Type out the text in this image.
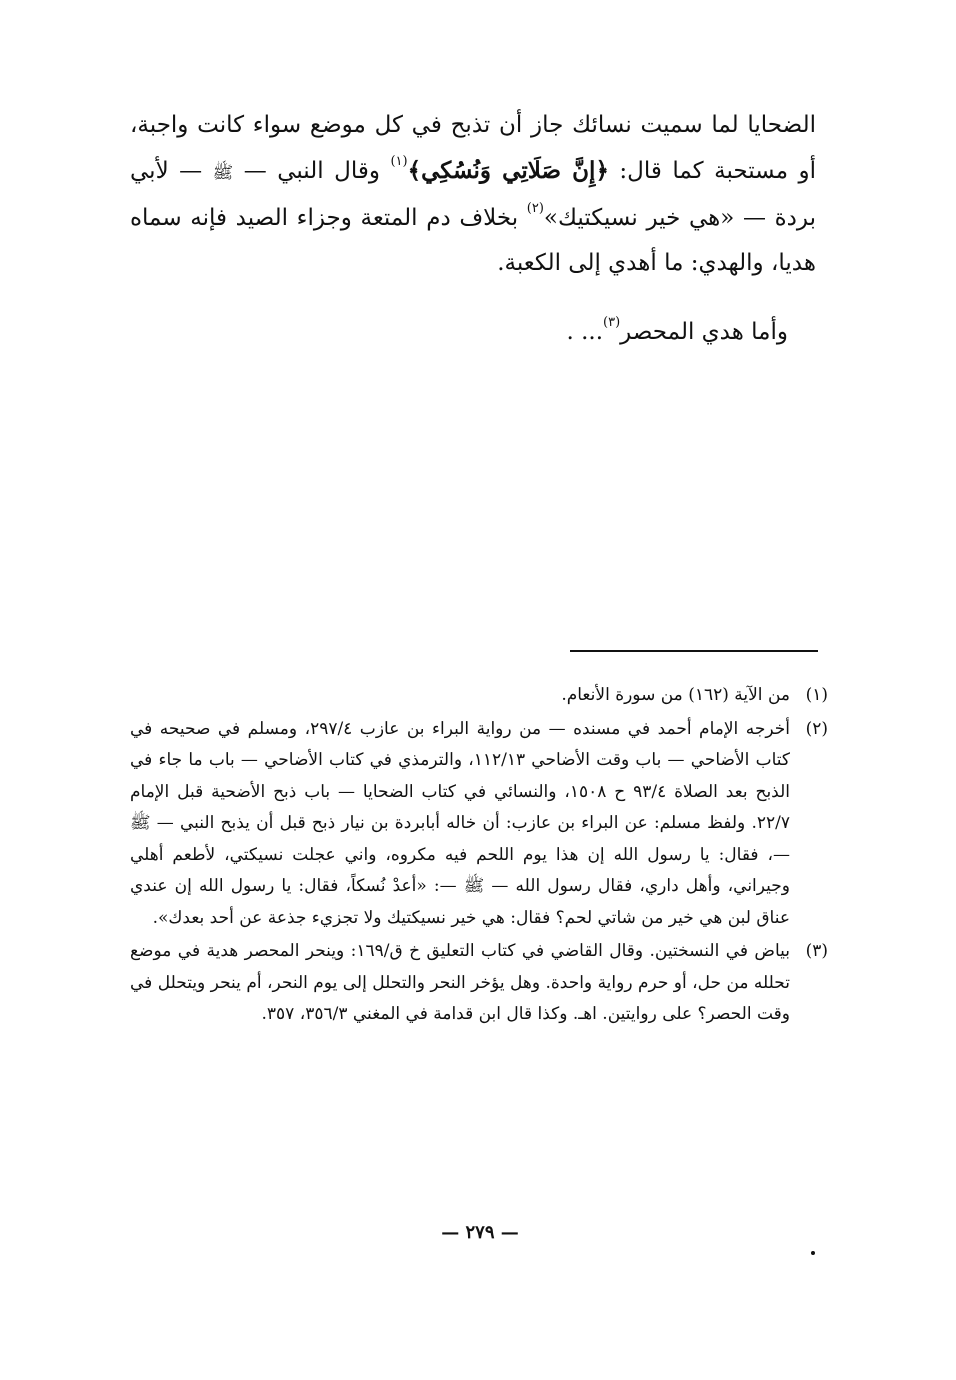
الضحايا لما سميت نسائك جاز أن تذبح في كل موضع سواء كانت واجبة، أو مستحبة كما قال: ﴿إِنَّ صَلَاتِي وَنُسُكِي﴾$^{(١)}$ وقال النبي — ﷺ — لأبي بردة — «هي خير نسيكتيك»$^{(٢)}$ بخلاف دم المتعة وجزاء الصيد فإنه سماه هديا، والهدي: ما أهدي إلى الكعبة.

وأما هدي المحصر$^{(٣)}$... .

(١)
من الآية (١٦٢) من سورة الأنعام.
(٢)
أخرجه الإمام أحمد في مسنده — من رواية البراء بن عازب ٢٩٧/٤، ومسلم في صحيحه في كتاب الأضاحي — باب وقت الأضاحي ١١٢/١٣، والترمذي في كتاب الأضاحي — باب ما جاء في الذبح بعد الصلاة ٩٣/٤ ح ١٥٠٨، والنسائي في كتاب الضحايا — باب ذبح الأضحية قبل الإمام ٢٢/٧. ولفظ مسلم: عن البراء بن عازب: أن خاله أبابردة بن نيار ذبح قبل أن يذبح النبي — ﷺ —، فقال: يا رسول الله إن هذا يوم اللحم فيه مكروه، واني عجلت نسيكتي، لأطعم أهلي وجيراني، وأهل داري، فقال رسول الله — ﷺ —: «أعدْ نُسكاً، فقال: يا رسول الله إن عندي عناق لبن هي خير من شاتي لحم؟ فقال: هي خير نسيكتيك ولا تجزيء جذعة عن أحد بعدك».
(٣)
بياض في النسختين. وقال القاضي في كتاب التعليق خ ق/١٦٩: وينحر المحصر هدية في موضع تحلله من حل، أو حرم رواية واحدة. وهل يؤخر النحر والتحلل إلى يوم النحر، أم ينحر ويتحلل في وقت الحصر؟ على روايتين. اهـ. وكذا قال ابن قدامة في المغني ٣٥٦/٣، ٣٥٧.
— ٢٧٩ —
